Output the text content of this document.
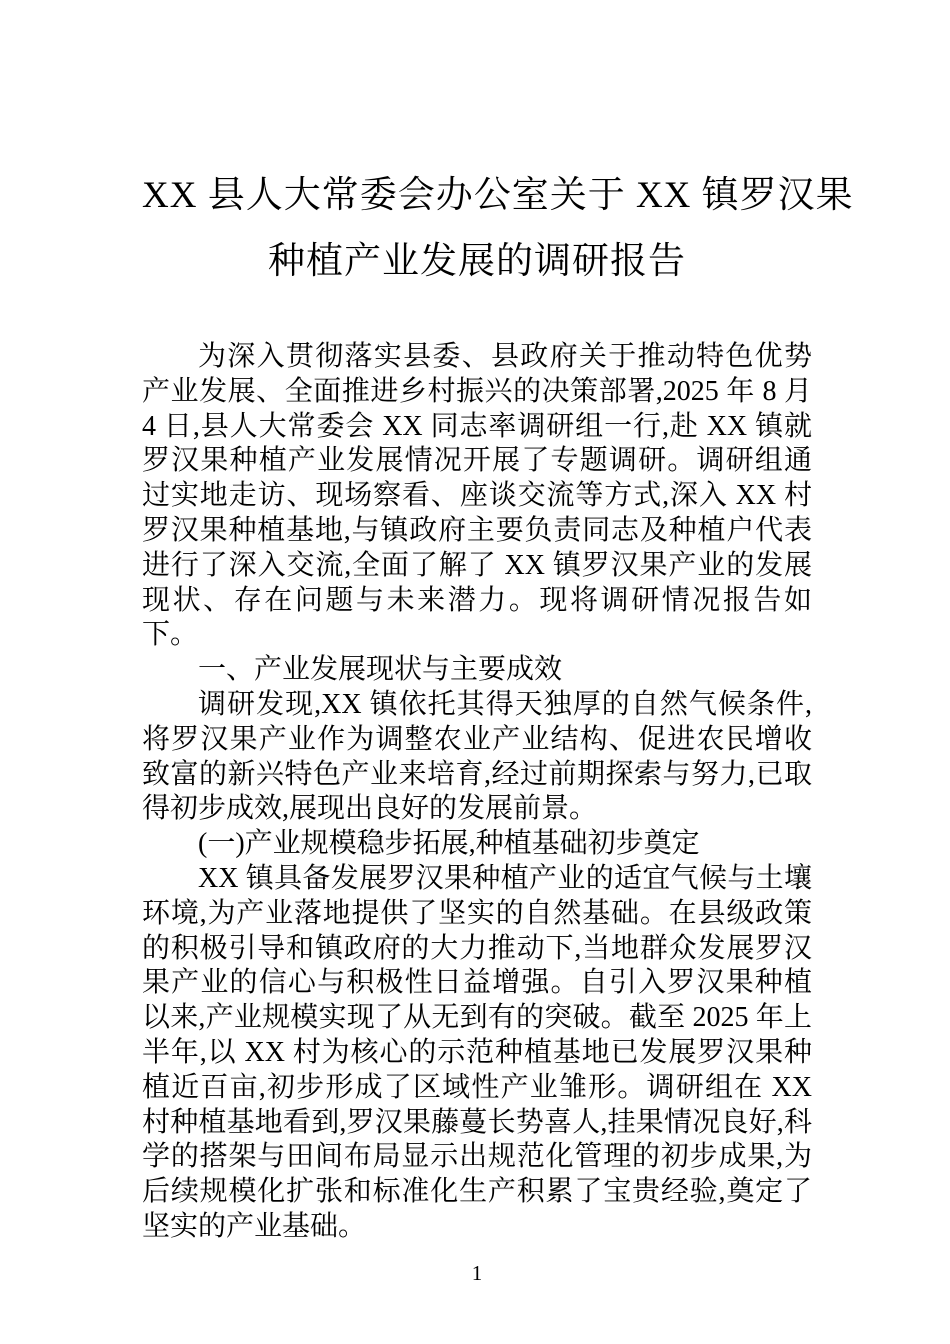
XX 县人大常委会办公室关于 XX 镇罗汉果
种植产业发展的调研报告

为深入贯彻落实县委、县政府关于推动特色优势产业发展、全面推进乡村振兴的决策部署,2025 年 8 月 4 日,县人大常委会 XX 同志率调研组一行,赴 XX 镇就罗汉果种植产业发展情况开展了专题调研。调研组通过实地走访、现场察看、座谈交流等方式,深入 XX 村罗汉果种植基地,与镇政府主要负责同志及种植户代表进行了深入交流,全面了解了 XX 镇罗汉果产业的发展现状、存在问题与未来潜力。现将调研情况报告如下。

一、产业发展现状与主要成效

调研发现,XX 镇依托其得天独厚的自然气候条件,将罗汉果产业作为调整农业产业结构、促进农民增收致富的新兴特色产业来培育,经过前期探索与努力,已取得初步成效,展现出良好的发展前景。

(一)产业规模稳步拓展,种植基础初步奠定

XX 镇具备发展罗汉果种植产业的适宜气候与土壤环境,为产业落地提供了坚实的自然基础。在县级政策的积极引导和镇政府的大力推动下,当地群众发展罗汉果产业的信心与积极性日益增强。自引入罗汉果种植以来,产业规模实现了从无到有的突破。截至 2025 年上半年,以 XX 村为核心的示范种植基地已发展罗汉果种植近百亩,初步形成了区域性产业雏形。调研组在 XX 村种植基地看到,罗汉果藤蔓长势喜人,挂果情况良好,科学的搭架与田间布局显示出规范化管理的初步成果,为后续规模化扩张和标准化生产积累了宝贵经验,奠定了坚实的产业基础。

1
